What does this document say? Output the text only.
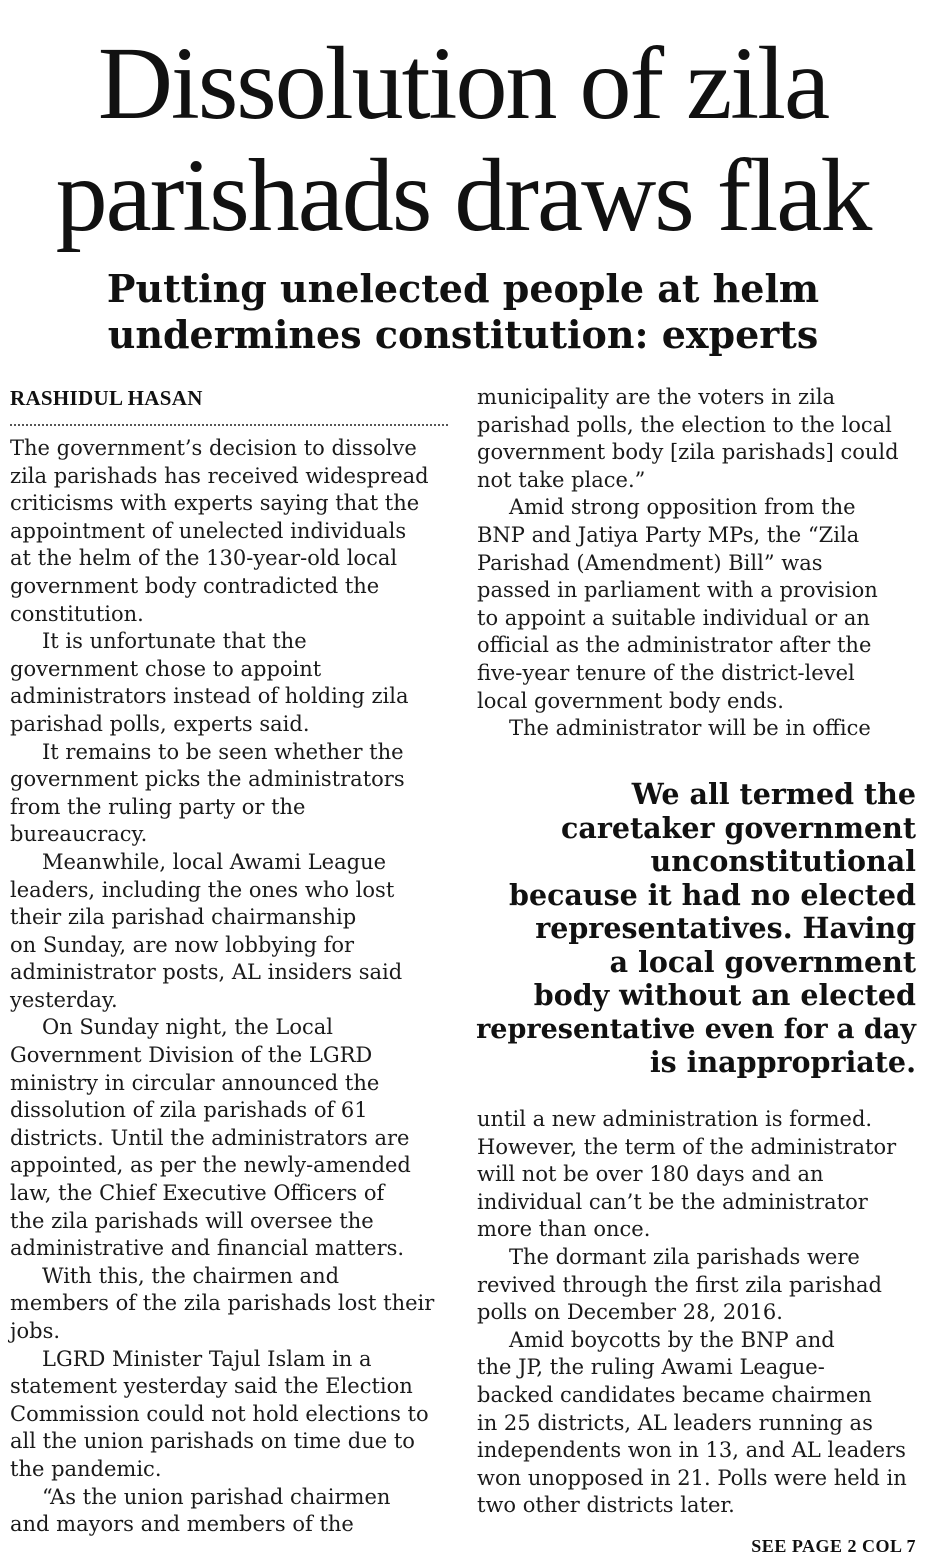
Dissolution of zila
parishads draws flak
Putting unelected people at helm
undermines constitution: experts
RASHIDUL HASAN

The government’s decision to dissolve

zila parishads has received widespread

criticisms with experts saying that the

appointment of unelected individuals

at the helm of the 130-year-old local

government body contradicted the

constitution.

It is unfortunate that the

government chose to appoint

administrators instead of holding zila

parishad polls, experts said.

It remains to be seen whether the

government picks the administrators

from the ruling party or the

bureaucracy.

Meanwhile, local Awami League

leaders, including the ones who lost

their zila parishad chairmanship

on Sunday, are now lobbying for

administrator posts, AL insiders said

yesterday.

On Sunday night, the Local

Government Division of the LGRD

ministry in circular announced the

dissolution of zila parishads of 61

districts. Until the administrators are

appointed, as per the newly-amended

law, the Chief Executive Officers of

the zila parishads will oversee the

administrative and financial matters.

With this, the chairmen and

members of the zila parishads lost their

jobs.

LGRD Minister Tajul Islam in a

statement yesterday said the Election

Commission could not hold elections to

all the union parishads on time due to

the pandemic.

“As the union parishad chairmen

and mayors and members of the

municipality are the voters in zila

parishad polls, the election to the local

government body [zila parishads] could

not take place.”

Amid strong opposition from the

BNP and Jatiya Party MPs, the “Zila

Parishad (Amendment) Bill” was

passed in parliament with a provision

to appoint a suitable individual or an

official as the administrator after the

five-year tenure of the district-level

local government body ends.

The administrator will be in office

We all termed the
caretaker government
unconstitutional
because it had no elected
representatives. Having
a local government
body without an elected
representative even for a day
is inappropriate.

until a new administration is formed.

However, the term of the administrator

will not be over 180 days and an

individual can’t be the administrator

more than once.

The dormant zila parishads were

revived through the first zila parishad

polls on December 28, 2016.

Amid boycotts by the BNP and

the JP, the ruling Awami League-

backed candidates became chairmen

in 25 districts, AL leaders running as

independents won in 13, and AL leaders

won unopposed in 21. Polls were held in

two other districts later.

SEE PAGE 2 COL 7
